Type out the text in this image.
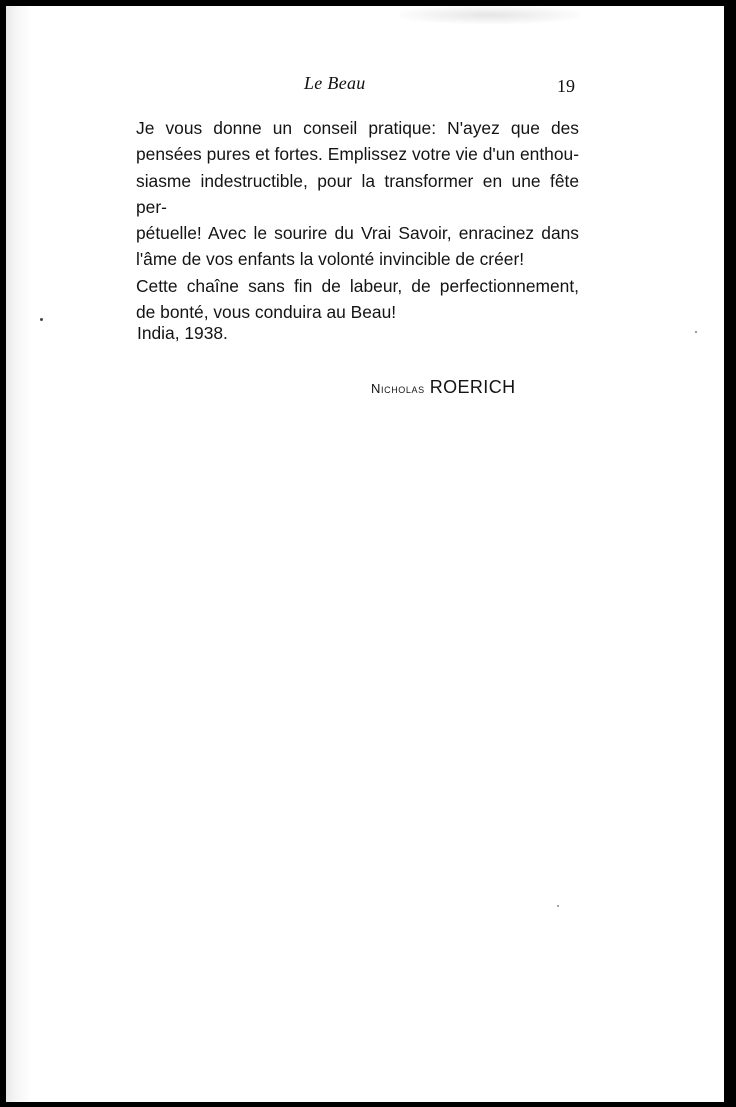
Le Beau	19

Je vous donne un conseil pratique: N'ayez que des
pensées pures et fortes. Emplissez votre vie d'un enthou-
siasme indestructible, pour la transformer en une fête per-
pétuelle! Avec le sourire du Vrai Savoir, enracinez dans
l'âme de vos enfants la volonté invincible de créer!

Cette chaîne sans fin de labeur, de perfectionnement,
de bonté, vous conduira au Beau!

India, 1938.
Nicholas ROERICH
